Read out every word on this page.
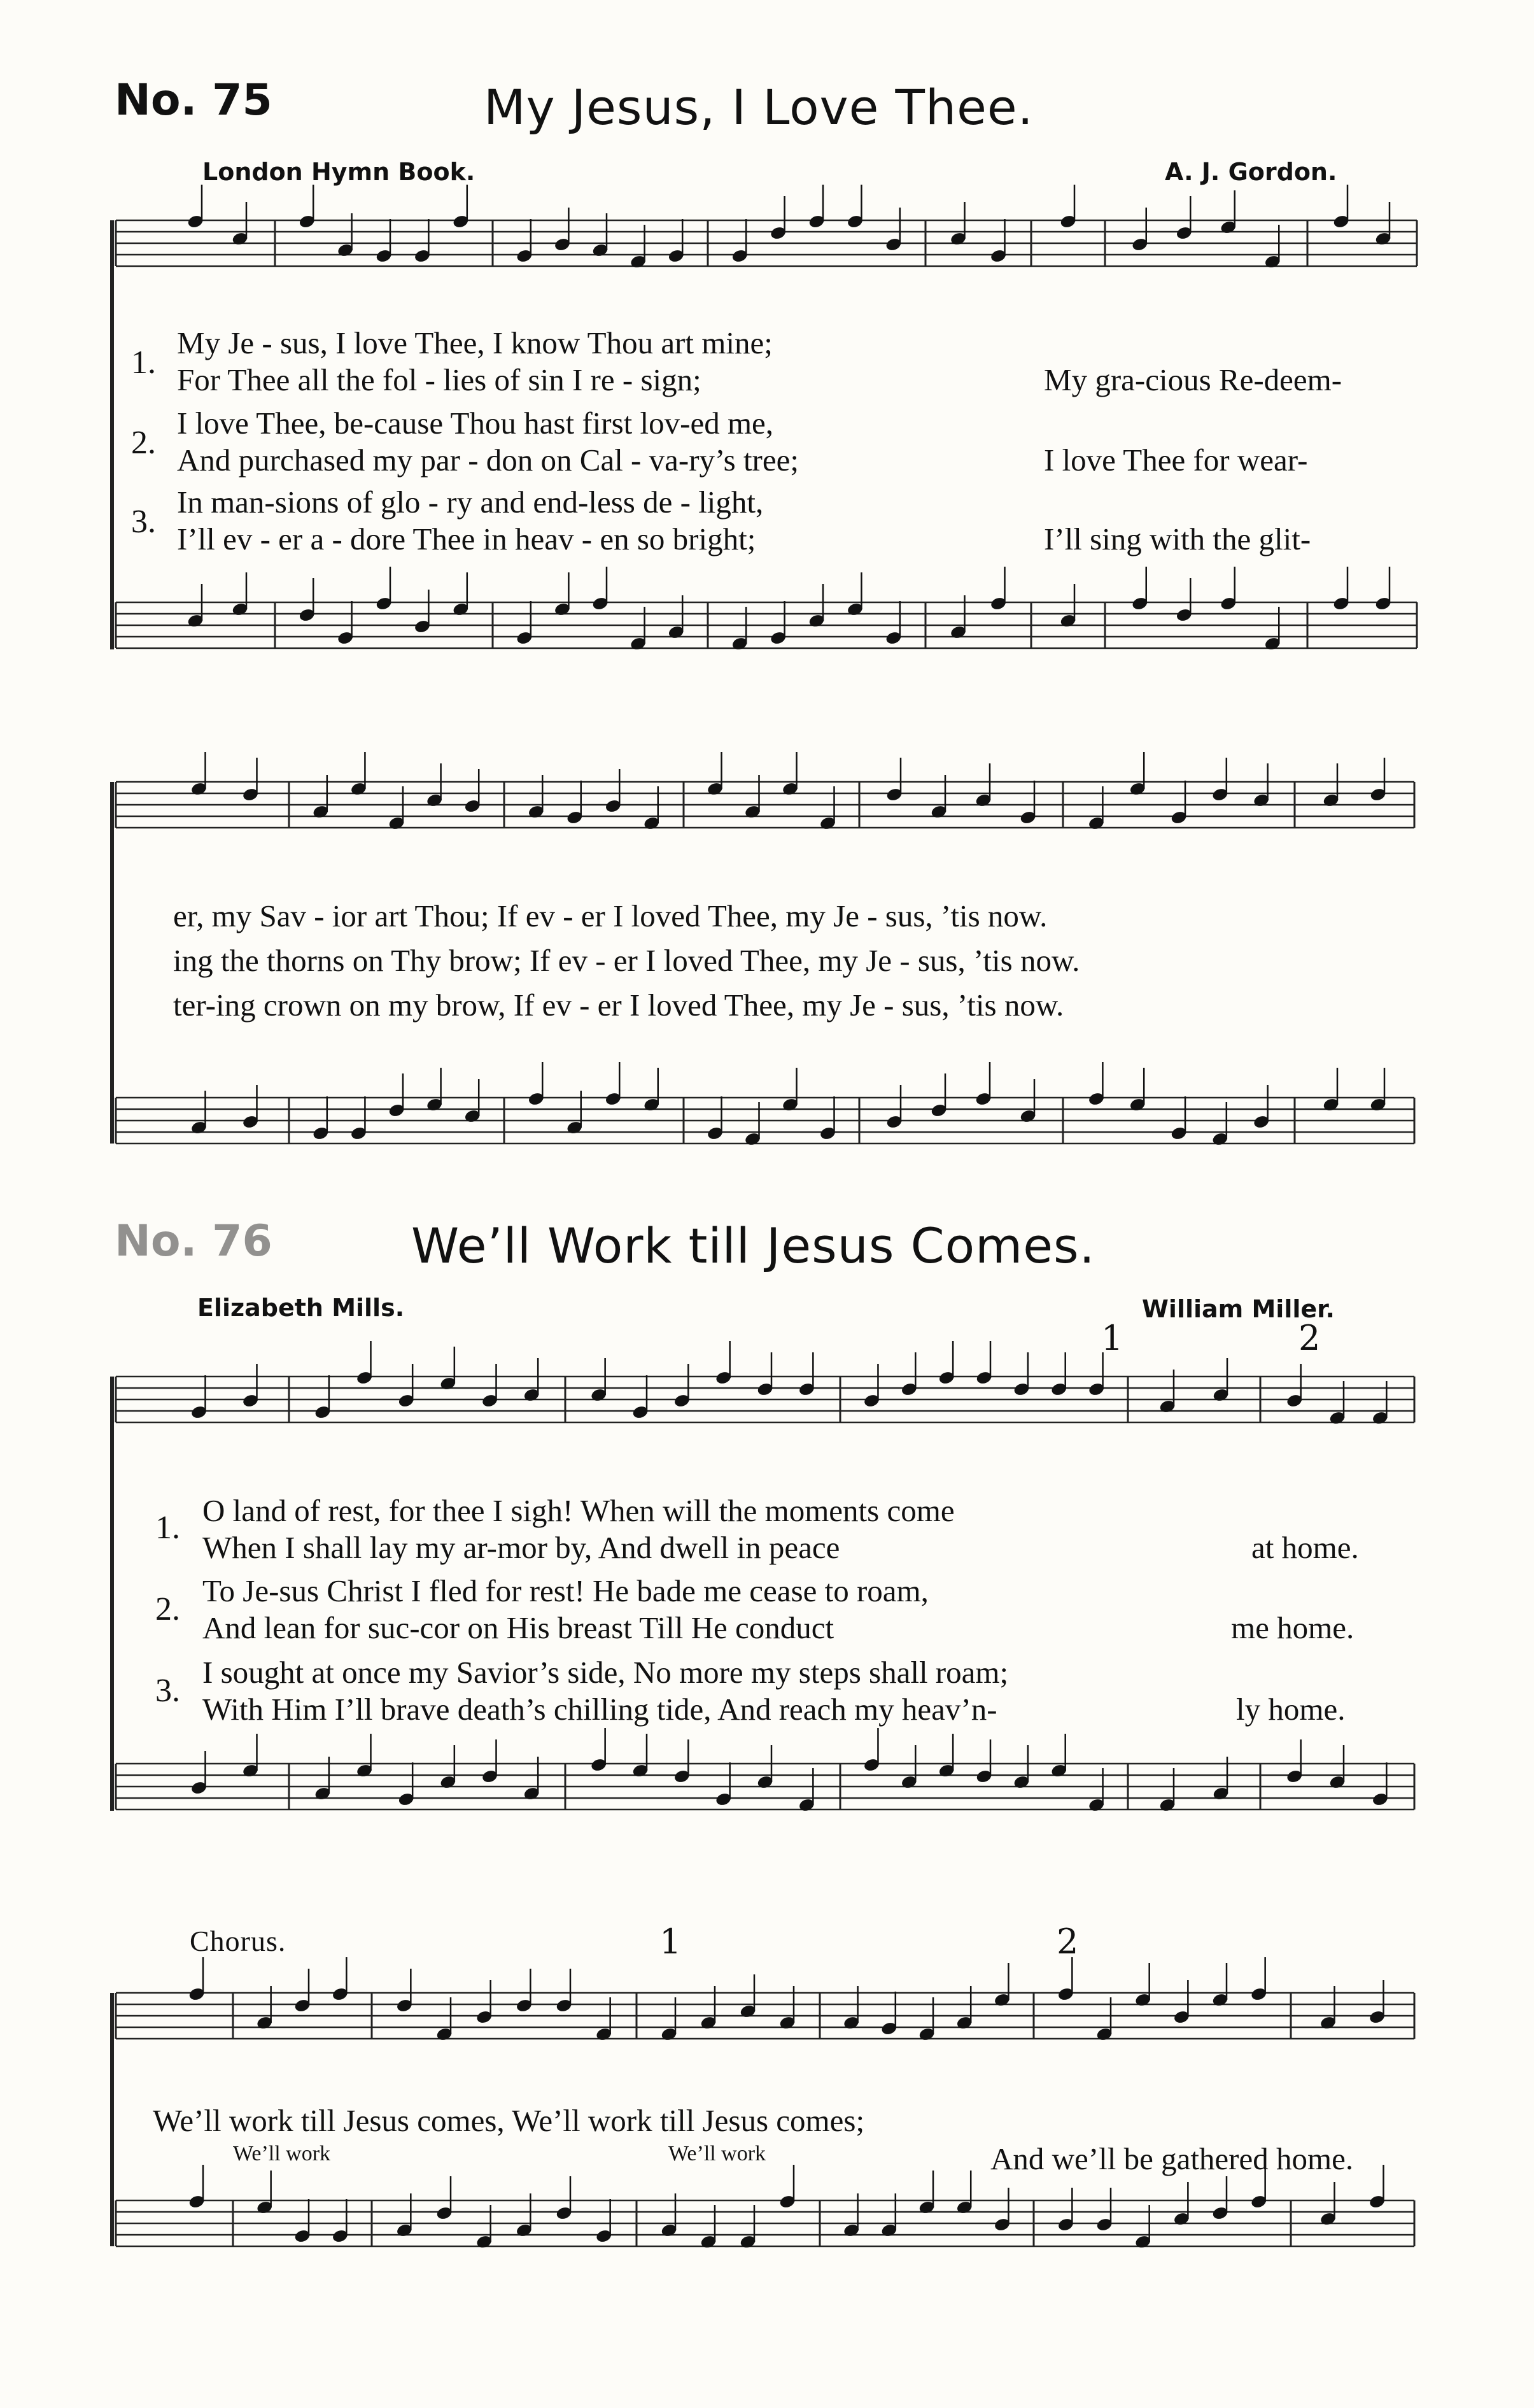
No. 75	My Jesus, I Love Thee.
London Hymn Book.	A. J. Gordon.
1.
My Je - sus, I love Thee, I know Thou art mine;
For Thee all the fol - lies of sin I re - sign;	My gra-cious Re-deem-
2.
I love Thee, be-cause Thou hast first lov-ed me,
And purchased my par - don on Cal - va-ry’s tree;	I love Thee for wear-
3.
In man-sions of glo - ry and end-less de - light,
I’ll ev - er a - dore Thee in heav - en so bright;	I’ll sing with the glit-
er, my Sav - ior art Thou; If ev - er I loved Thee, my Je - sus, ’tis now.
ing the thorns on Thy brow; If ev - er I loved Thee, my Je - sus, ’tis now.
ter-ing crown on my brow, If ev - er I loved Thee, my Je - sus, ’tis now.
No. 76	We’ll Work till Jesus Comes.
Elizabeth Mills.	William Miller.
1	2
1. O land of rest, for thee I sigh! When will the moments come
When I shall lay my ar-mor by, And dwell in peace	at home.
2.
To Je-sus Christ I fled for rest! He bade me cease to roam,
And lean for suc-cor on His breast Till He conduct	me home.
3.
I sought at once my Savior’s side, No more my steps shall roam;
With Him I’ll brave death’s chilling tide, And reach my heav’n-	ly home.
Chorus.	1	2
We’ll work till Jesus comes, We’ll work till Jesus comes;
We’ll work	We’ll work	And we’ll be gathered home.
